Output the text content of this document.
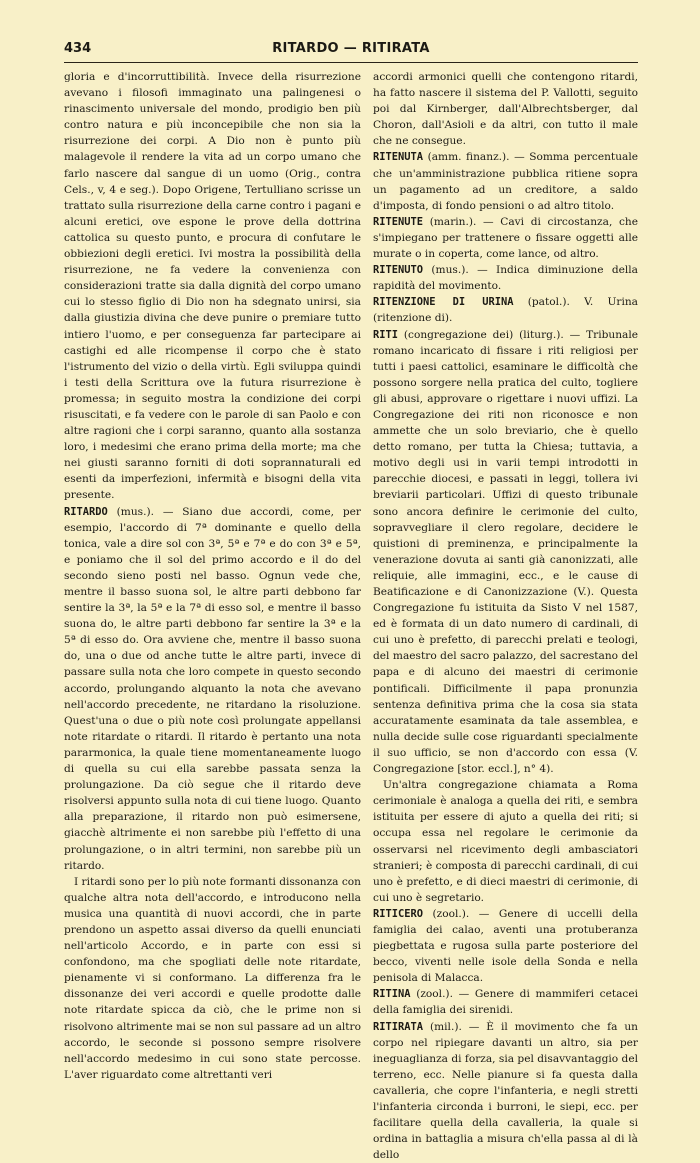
434	RITARDO — RITIRATA

gloria e d'incorruttibilità. Invece della risurrezione avevano i filosofi immaginato una palingenesi o rinascimento universale del mondo, prodigio ben più contro natura e più inconcepibile che non sia la risurrezione dei corpi. A Dio non è punto più malagevole il rendere la vita ad un corpo umano che farlo nascere dal sangue di un uomo (Orig., contra Cels., v, 4 e seg.). Dopo Origene, Tertulliano scrisse un trattato sulla risurrezione della carne contro i pagani e alcuni eretici, ove espone le prove della dottrina cattolica su questo punto, e procura di confutare le obbiezioni degli eretici. Ivi mostra la possibilità della risurrezione, ne fa vedere la convenienza con considerazioni tratte sia dalla dignità del corpo umano cui lo stesso figlio di Dio non ha sdegnato unirsi, sia dalla giustizia divina che deve punire o premiare tutto intiero l'uomo, e per conseguenza far partecipare ai castighi ed alle ricompense il corpo che è stato l'istrumento del vizio o della virtù. Egli sviluppa quindi i testi della Scrittura ove la futura risurrezione è promessa; in seguito mostra la condizione dei corpi risuscitati, e fa vedere con le parole di san Paolo e con altre ragioni che i corpi saranno, quanto alla sostanza loro, i medesimi che erano prima della morte; ma che nei giusti saranno forniti di doti soprannaturali ed esenti da imperfezioni, infermità e bisogni della vita presente.

RITARDO (mus.). — Siano due accordi, come, per esempio, l'accordo di 7ª dominante e quello della tonica, vale a dire sol con 3ª, 5ª e 7ª e do con 3ª e 5ª, e poniamo che il sol del primo accordo e il do del secondo sieno posti nel basso. Ognun vede che, mentre il basso suona sol, le altre parti debbono far sentire la 3ª, la 5ª e la 7ª di esso sol, e mentre il basso suona do, le altre parti debbono far sentire la 3ª e la 5ª di esso do. Ora avviene che, mentre il basso suona do, una o due od anche tutte le altre parti, invece di passare sulla nota che loro compete in questo secondo accordo, prolungando alquanto la nota che avevano nell'accordo precedente, ne ritardano la risoluzione. Quest'una o due o più note così prolungate appellansi note ritardate o ritardi. Il ritardo è pertanto una nota pararmonica, la quale tiene momentaneamente luogo di quella su cui ella sarebbe passata senza la prolungazione. Da ciò segue che il ritardo deve risolversi appunto sulla nota di cui tiene luogo. Quanto alla preparazione, il ritardo non può esimersene, giacchè altrimente ei non sarebbe più l'effetto di una prolungazione, o in altri termini, non sarebbe più un ritardo.

I ritardi sono per lo più note formanti dissonanza con qualche altra nota dell'accordo, e introducono nella musica una quantità di nuovi accordi, che in parte prendono un aspetto assai diverso da quelli enunciati nell'articolo Accordo, e in parte con essi si confondono, ma che spogliati delle note ritardate, pienamente vi si conformano. La differenza fra le dissonanze dei veri accordi e quelle prodotte dalle note ritardate spicca da ciò, che le prime non si risolvono altrimente mai se non sul passare ad un altro accordo, le seconde si possono sempre risolvere nell'accordo medesimo in cui sono state percosse. L'aver riguardato come altrettanti veri

accordi armonici quelli che contengono ritardi, ha fatto nascere il sistema del P. Vallotti, seguito poi dal Kirnberger, dall'Albrechtsberger, dal Choron, dall'Asioli e da altri, con tutto il male che ne consegue.

RITENUTA (amm. finanz.). — Somma percentuale che un'amministrazione pubblica ritiene sopra un pagamento ad un creditore, a saldo d'imposta, di fondo pensioni o ad altro titolo.

RITENUTE (marin.). — Cavi di circostanza, che s'impiegano per trattenere o fissare oggetti alle murate o in coperta, come lance, od altro.

RITENUTO (mus.). — Indica diminuzione della rapidità del movimento.

RITENZIONE DI URINA (patol.). V. Urina (ritenzione di).

RITI (congregazione dei) (liturg.). — Tribunale romano incaricato di fissare i riti religiosi per tutti i paesi cattolici, esaminare le difficoltà che possono sorgere nella pratica del culto, togliere gli abusi, approvare o rigettare i nuovi uffizi. La Congregazione dei riti non riconosce e non ammette che un solo breviario, che è quello detto romano, per tutta la Chiesa; tuttavia, a motivo degli usi in varii tempi introdotti in parecchie diocesi, e passati in leggi, tollera ivi breviarii particolari. Uffizi di questo tribunale sono ancora definire le cerimonie del culto, sopravvegliare il clero regolare, decidere le quistioni di preminenza, e principalmente la venerazione dovuta ai santi già canonizzati, alle reliquie, alle immagini, ecc., e le cause di Beatificazione e di Canonizzazione (V.). Questa Congregazione fu istituita da Sisto V nel 1587, ed è formata di un dato numero di cardinali, di cui uno è prefetto, di parecchi prelati e teologi, del maestro del sacro palazzo, del sacrestano del papa e di alcuno dei maestri di cerimonie pontificali. Difficilmente il papa pronunzia sentenza definitiva prima che la cosa sia stata accuratamente esaminata da tale assemblea, e nulla decide sulle cose riguardanti specialmente il suo ufficio, se non d'accordo con essa (V. Congregazione [stor. eccl.], n° 4).

Un'altra congregazione chiamata a Roma cerimoniale è analoga a quella dei riti, e sembra istituita per essere di ajuto a quella dei riti; si occupa essa nel regolare le cerimonie da osservarsi nel ricevimento degli ambasciatori stranieri; è composta di parecchi cardinali, di cui uno è prefetto, e di dieci maestri di cerimonie, di cui uno è segretario.

RITICERO (zool.). — Genere di uccelli della famiglia dei calao, aventi una protuberanza piegbettata e rugosa sulla parte posteriore del becco, viventi nelle isole della Sonda e nella penisola di Malacca.

RITINA (zool.). — Genere di mammiferi cetacei della famiglia dei sirenidi.

RITIRATA (mil.). — È il movimento che fa un corpo nel ripiegare davanti un altro, sia per ineguaglianza di forza, sia pel disavvantaggio del terreno, ecc. Nelle pianure si fa questa dalla cavalleria, che copre l'infanteria, e negli stretti l'infanteria circonda i burroni, le siepi, ecc. per facilitare quella della cavalleria, la quale si ordina in battaglia a misura ch'ella passa al di là dello
